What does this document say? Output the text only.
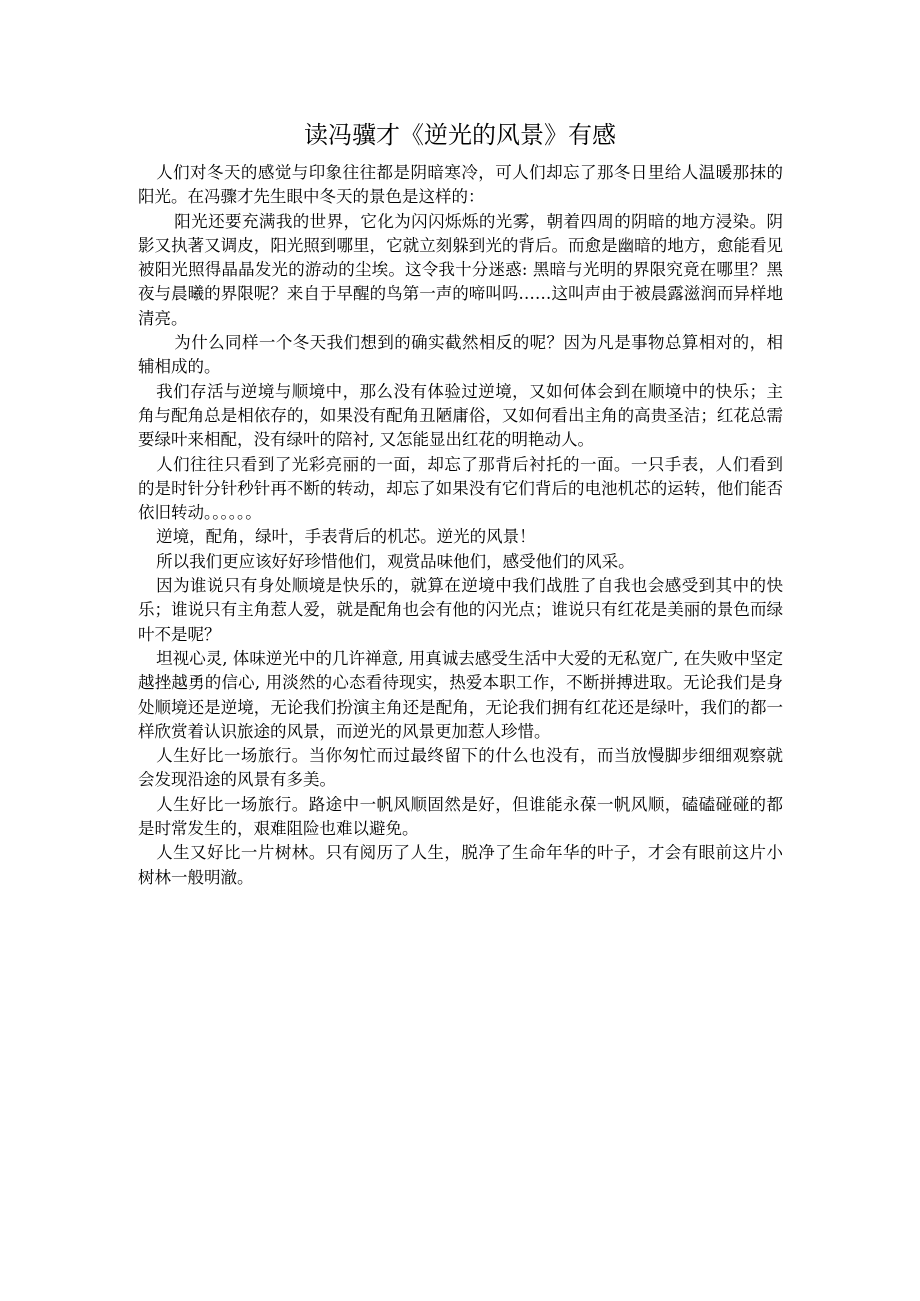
读冯骥才《逆光的风景》有感

人们对冬天的感觉与印象往往都是阴暗寒冷，可人们却忘了那冬日里给人温暖那抹的阳光。在冯骤才先生眼中冬天的景色是这样的：

阳光还要充满我的世界，它化为闪闪烁烁的光雾，朝着四周的阴暗的地方浸染。阴影又执著又调皮，阳光照到哪里，它就立刻躲到光的背后。而愈是幽暗的地方，愈能看见被阳光照得晶晶发光的游动的尘埃。这令我十分迷惑: 黑暗与光明的界限究竟在哪里？黑夜与晨曦的界限呢？来自于早醒的鸟第一声的啼叫吗……这叫声由于被晨露滋润而异样地清亮。

为什么同样一个冬天我们想到的确实截然相反的呢？因为凡是事物总算相对的，相辅相成的。

我们存活与逆境与顺境中，那么没有体验过逆境，又如何体会到在顺境中的快乐；主角与配角总是相依存的，如果没有配角丑陋庸俗，又如何看出主角的高贵圣洁；红花总需要绿叶来相配，没有绿叶的陪衬, 又怎能显出红花的明艳动人。

人们往往只看到了光彩亮丽的一面，却忘了那背后衬托的一面。一只手表，人们看到的是时针分针秒针再不断的转动，却忘了如果没有它们背后的电池机芯的运转，他们能否依旧转动。。。。。。

逆境，配角，绿叶，手表背后的机芯。逆光的风景！

所以我们更应该好好珍惜他们，观赏品味他们，感受他们的风采。

因为谁说只有身处顺境是快乐的，就算在逆境中我们战胜了自我也会感受到其中的快乐；谁说只有主角惹人爱，就是配角也会有他的闪光点；谁说只有红花是美丽的景色而绿叶不是呢？

坦视心灵, 体味逆光中的几许禅意, 用真诚去感受生活中大爱的无私宽广, 在失败中坚定越挫越勇的信心, 用淡然的心态看待现实，热爱本职工作，不断拼搏进取。无论我们是身处顺境还是逆境，无论我们扮演主角还是配角，无论我们拥有红花还是绿叶，我们的都一样欣赏着认识旅途的风景，而逆光的风景更加惹人珍惜。

人生好比一场旅行。当你匆忙而过最终留下的什么也没有，而当放慢脚步细细观察就会发现沿途的风景有多美。

人生好比一场旅行。路途中一帆风顺固然是好，但谁能永葆一帆风顺，磕磕碰碰的都是时常发生的，艰难阻险也难以避免。

人生又好比一片树林。只有阅历了人生，脱净了生命年华的叶子，才会有眼前这片小树林一般明澈。
